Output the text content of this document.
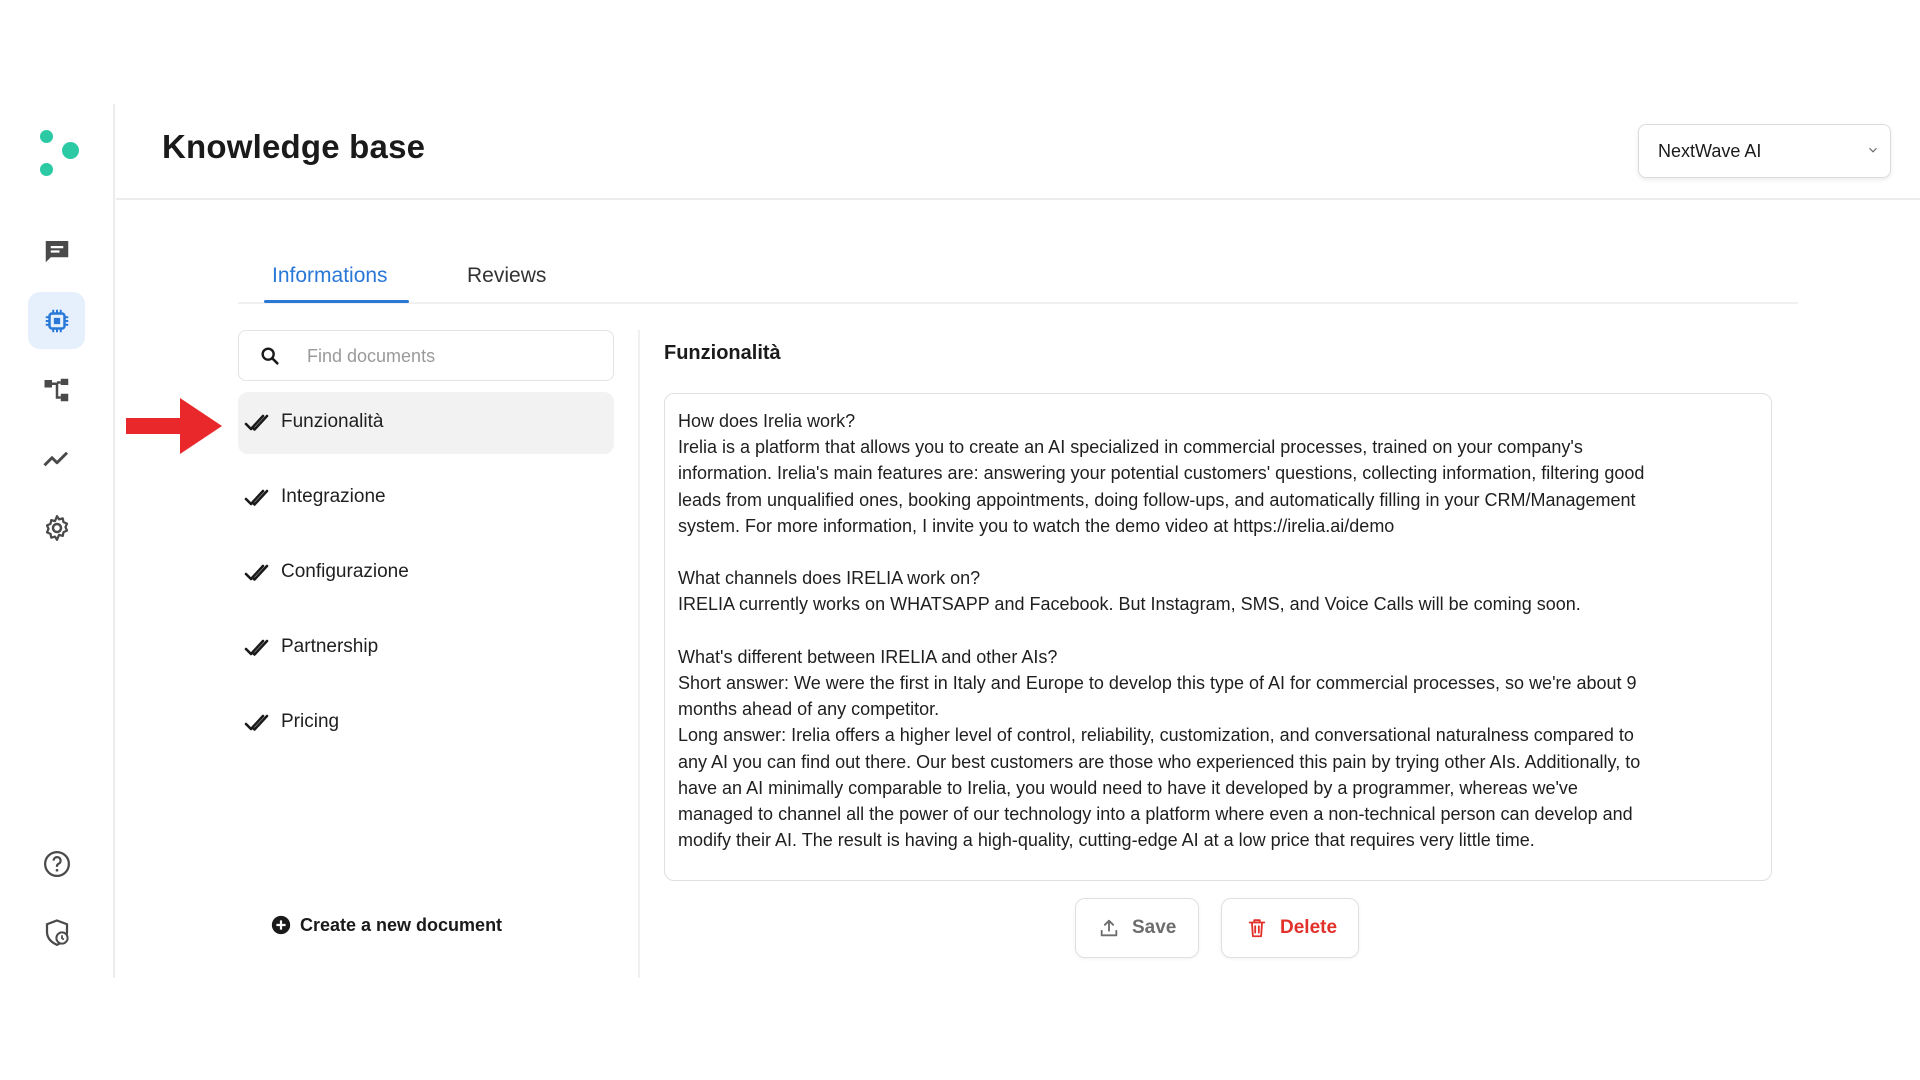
Knowledge base	NextWave AI
Informations	Reviews
Find documents
Funzionalità
Integrazione
Configurazione
Partnership
Pricing
Create a new document
Funzionalità

How does Irelia work?

Irelia is a platform that allows you to create an AI specialized in commercial processes, trained on your company's

information. Irelia's main features are: answering your potential customers' questions, collecting information, filtering good

leads from unqualified ones, booking appointments, doing follow-ups, and automatically filling in your CRM/Management

system. For more information, I invite you to watch the demo video at https://irelia.ai/demo

What channels does IRELIA work on?

IRELIA currently works on WHATSAPP and Facebook. But Instagram, SMS, and Voice Calls will be coming soon.

What's different between IRELIA and other AIs?

Short answer: We were the first in Italy and Europe to develop this type of AI for commercial processes, so we're about 9

months ahead of any competitor.

Long answer: Irelia offers a higher level of control, reliability, customization, and conversational naturalness compared to

any AI you can find out there. Our best customers are those who experienced this pain by trying other AIs. Additionally, to

have an AI minimally comparable to Irelia, you would need to have it developed by a programmer, whereas we've

managed to channel all the power of our technology into a platform where even a non-technical person can develop and

modify their AI. The result is having a high-quality, cutting-edge AI at a low price that requires very little time.

Save	Delete
